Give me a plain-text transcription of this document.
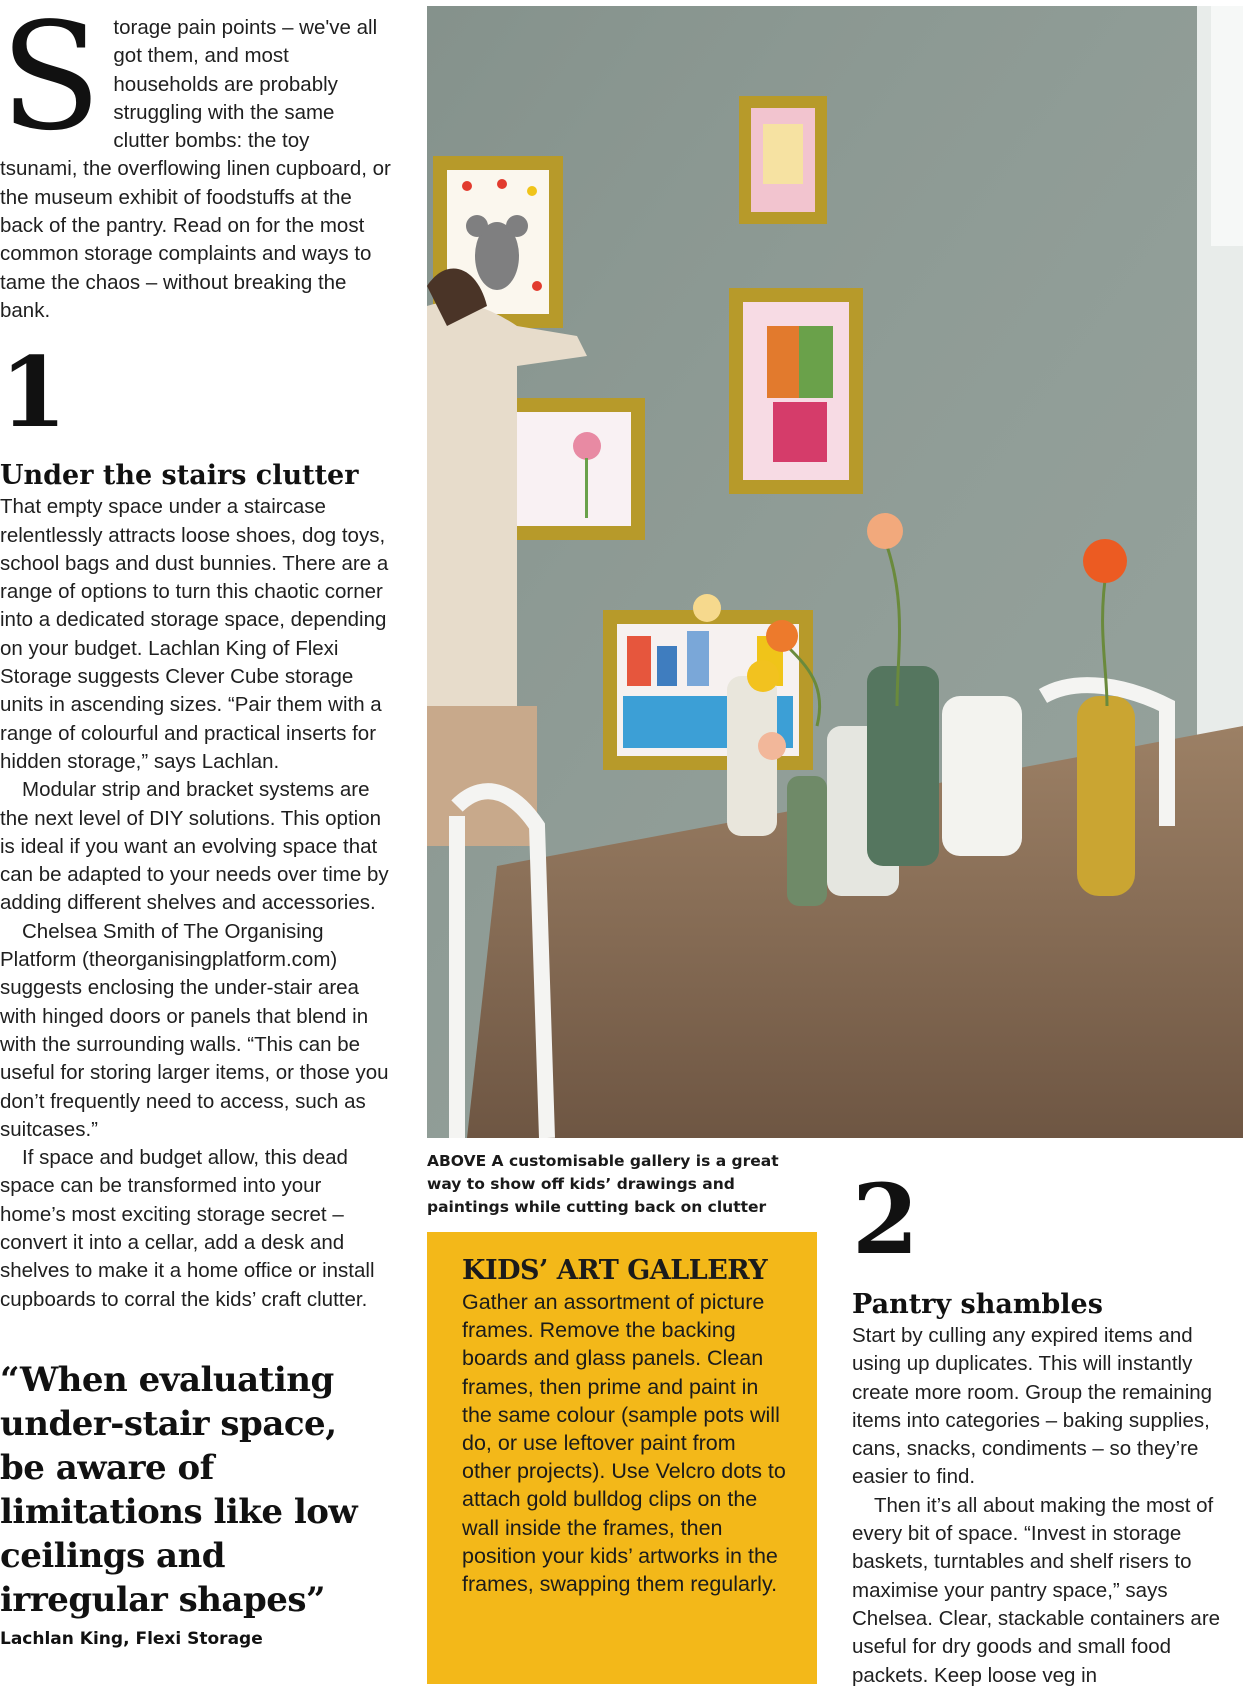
S torage pain points – we've all got them, and most households are probably struggling with the same clutter bombs: the toy tsunami, the overflowing linen cupboard, or the museum exhibit of foodstuffs at the back of the pantry. Read on for the most common storage complaints and ways to tame the chaos – without breaking the bank.
1
Under the stairs clutter

That empty space under a staircase relentlessly attracts loose shoes, dog toys, school bags and dust bunnies. There are a range of options to turn this chaotic corner into a dedicated storage space, depending on your budget. Lachlan King of Flexi Storage suggests Clever Cube storage units in ascending sizes. “Pair them with a range of colourful and practical inserts for hidden storage,” says Lachlan.

Modular strip and bracket systems are the next level of DIY solutions. This option is ideal if you want an evolving space that can be adapted to your needs over time by adding different shelves and accessories.

Chelsea Smith of The Organising Platform (theorganisingplatform.com) suggests enclosing the under-stair area with hinged doors or panels that blend in with the surrounding walls. “This can be useful for storing larger items, or those you don’t frequently need to access, such as suitcases.”

If space and budget allow, this dead space can be transformed into your home’s most exciting storage secret – convert it into a cellar, add a desk and shelves to make it a home office or install cupboards to corral the kids’ craft clutter.

“When evaluating under-stair space, be aware of limitations like low ceilings and irregular shapes”
Lachlan King, Flexi Storage
ABOVE A customisable gallery is a great way to show off kids’ drawings and paintings while cutting back on clutter
KIDS’ ART GALLERY
Gather an assortment of picture frames. Remove the backing boards and glass panels. Clean frames, then prime and paint in the same colour (sample pots will do, or use leftover paint from other projects). Use Velcro dots to attach gold bulldog clips on the wall inside the frames, then position your kids’ artworks in the frames, swapping them regularly.
2
Pantry shambles

Start by culling any expired items and using up duplicates. This will instantly create more room. Group the remaining items into categories – baking supplies, cans, snacks, condiments – so they’re easier to find.

Then it’s all about making the most of every bit of space. “Invest in storage baskets, turntables and shelf risers to maximise your pantry space,” says Chelsea. Clear, stackable containers are useful for dry goods and small food packets. Keep loose veg in
